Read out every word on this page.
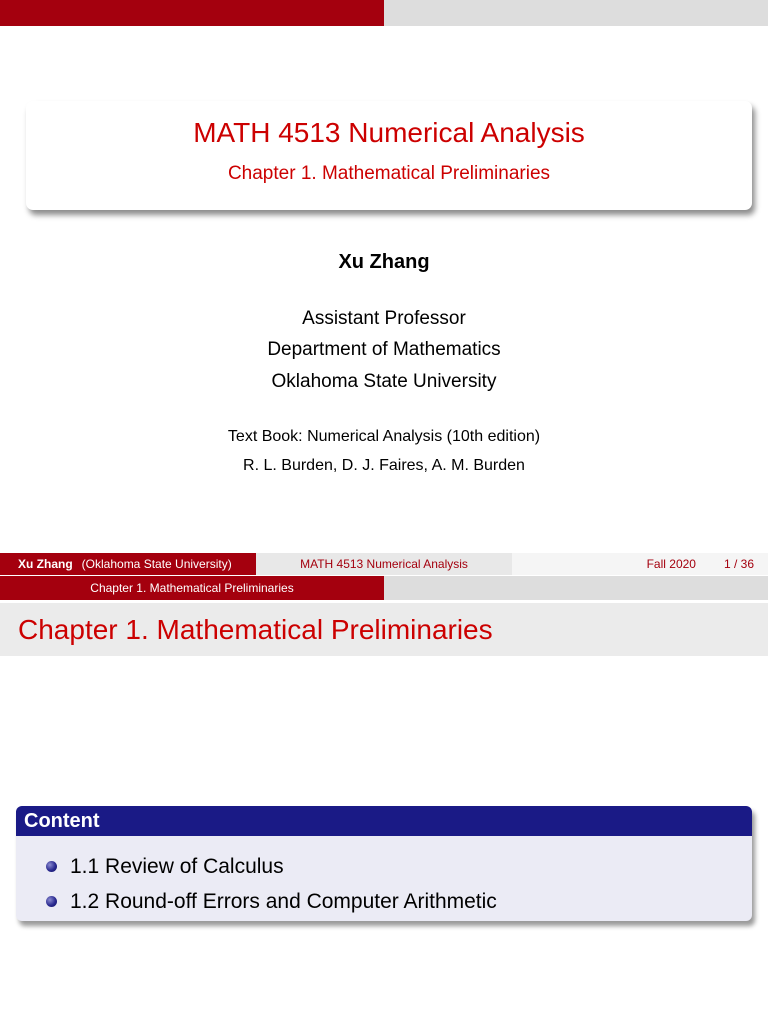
MATH 4513 Numerical Analysis
Chapter 1. Mathematical Preliminaries
Xu Zhang
Assistant Professor
Department of Mathematics
Oklahoma State University
Text Book: Numerical Analysis (10th edition)
R. L. Burden, D. J. Faires, A. M. Burden
Xu Zhang (Oklahoma State University)	MATH 4513 Numerical Analysis	Fall 2020 1 / 36
Chapter 1. Mathematical Preliminaries
Chapter 1. Mathematical Preliminaries
Content
1.1 Review of Calculus
1.2 Round-off Errors and Computer Arithmetic
